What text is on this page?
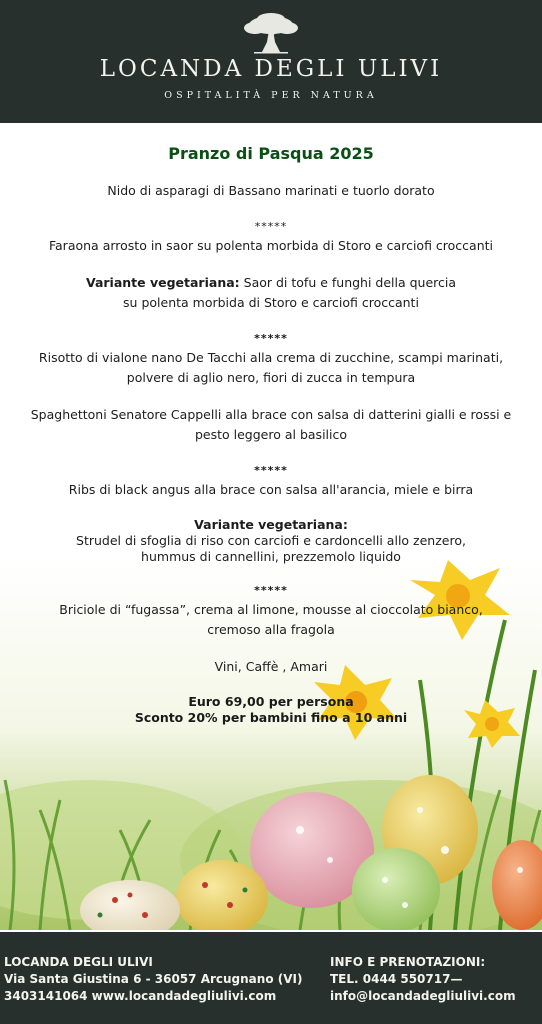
LOCANDA DEGLI ULIVI
OSPITALITÀ PER NATURA

Pranzo di Pasqua 2025

Nido di asparagi di Bassano marinati e tuorlo dorato

*****

Faraona arrosto in saor su polenta morbida di Storo e carciofi croccanti

Variante vegetariana: Saor di tofu e funghi della quercia

su polenta morbida di Storo e carciofi croccanti

*****

Risotto di vialone nano De Tacchi alla crema di zucchine, scampi marinati,

polvere di aglio nero, fiori di zucca in tempura

Spaghettoni Senatore Cappelli alla brace con salsa di datterini gialli e rossi e

pesto leggero al basilico

*****

Ribs di black angus alla brace con salsa all'arancia, miele e birra

Variante vegetariana:

Strudel di sfoglia di riso con carciofi e cardoncelli allo zenzero,

hummus di cannellini, prezzemolo liquido

*****

Briciole di “fugassa”, crema al limone, mousse al cioccolato bianco,

cremoso alla fragola

Vini, Caffè , Amari

Euro 69,00 per persona

Sconto 20% per bambini fino a 10 anni

LOCANDA DEGLI ULIVI
Via Santa Giustina 6 - 36057 Arcugnano (VI)
3403141064 www.locandadegliulivi.com
INFO E PRENOTAZIONI:
TEL. 0444 550717—
info@locandadegliulivi.com
